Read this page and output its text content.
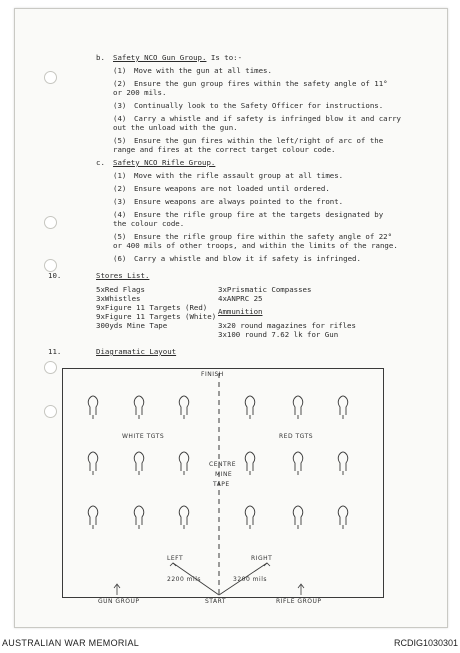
b. Safety NCO Gun Group. Is to:-
(1) Move with the gun at all times.
(2) Ensure the gun group fires within the safety angle of 11°
or 200 mils.
(3) Continually look to the Safety Officer for instructions.
(4) Carry a whistle and if safety is infringed blow it and carry
out the unload with the gun.
(5) Ensure the gun fires within the left/right of arc of the
range and fires at the correct target colour code.
c. Safety NCO Rifle Group.
(1) Move with the rifle assault group at all times.
(2) Ensure weapons are not loaded until ordered.
(3) Ensure weapons are always pointed to the front.
(4) Ensure the rifle group fire at the targets designated by
the colour code.
(5) Ensure the rifle group fire within the safety angle of 22°
or 400 mils of other troops, and within the limits of the range.
(6) Carry a whistle and blow it if safety is infringed.
10.	Stores List.
5xRed Flags
3xWhistles
9xFigure 11 Targets (Red)
9xFigure 11 Targets (White)
300yds Mine Tape
3xPrismatic Compasses
4xANPRC 25
Ammunition
3x20 round magazines for rifles
3x100 round 7.62 lk for Gun
11.	Diagramatic Layout
FINISH
WHITE TGTS	RED TGTS
CENTRE
MINE
TAPE
LEFT	RIGHT
2200 mils	3200 mils
GUN GROUP	START	RIFLE GROUP
AUSTRALIAN WAR MEMORIAL	RCDIG1030301
